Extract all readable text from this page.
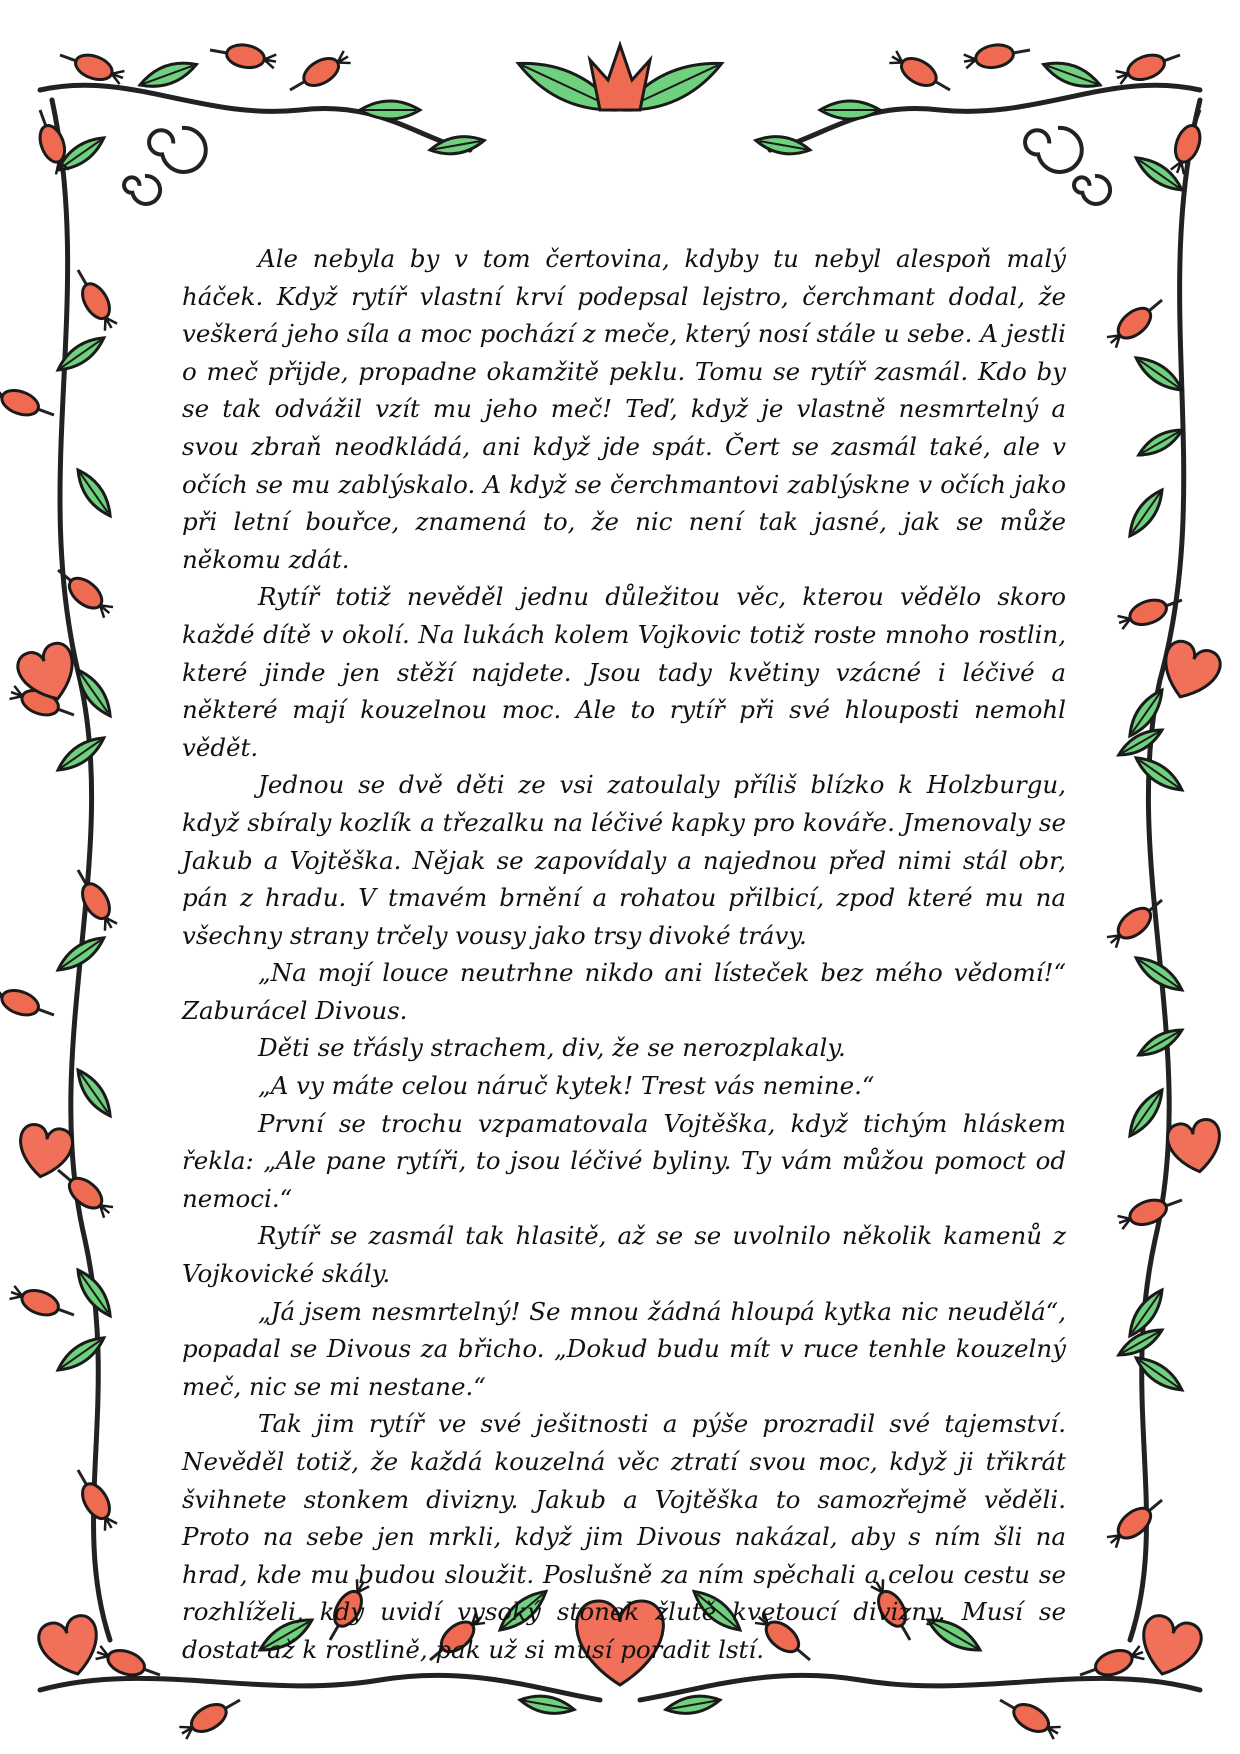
Ale nebyla by v tom čertovina, kdyby tu nebyl alespoň malý háček. Když rytíř vlastní krví podepsal lejstro, čerchmant dodal, že veškerá jeho síla a moc pochází z meče, který nosí stále u sebe. A jestli o meč přijde, propadne okamžitě peklu. Tomu se rytíř zasmál. Kdo by se tak odvážil vzít mu jeho meč! Teď, když je vlastně nesmrtelný a svou zbraň neodkládá, ani když jde spát. Čert se zasmál také, ale v očích se mu zablýskalo. A když se čerchmantovi zablýskne v očích jako při letní bouřce, znamená to, že nic není tak jasné, jak se může někomu zdát.

Rytíř totiž nevěděl jednu důležitou věc, kterou vědělo skoro každé dítě v okolí. Na lukách kolem Vojkovic totiž roste mnoho rostlin, které jinde jen stěží najdete. Jsou tady květiny vzácné i léčivé a některé mají kouzelnou moc. Ale to rytíř při své hlouposti nemohl vědět.

Jednou se dvě děti ze vsi zatoulaly příliš blízko k Holzburgu, když sbíraly kozlík a třezalku na léčivé kapky pro kováře. Jmenovaly se Jakub a Vojtěška. Nějak se zapovídaly a najednou před nimi stál obr, pán z hradu. V tmavém brnění a rohatou přilbicí, zpod které mu na všechny strany trčely vousy jako trsy divoké trávy.

„Na mojí louce neutrhne nikdo ani lísteček bez mého vědomí!“ Zaburácel Divous.

Děti se třásly strachem, div, že se nerozplakaly.

„A vy máte celou náruč kytek! Trest vás nemine.“

První se trochu vzpamatovala Vojtěška, když tichým hláskem řekla: „Ale pane rytíři, to jsou léčivé byliny. Ty vám můžou pomoct od nemoci.“

Rytíř se zasmál tak hlasitě, až se se uvolnilo několik kamenů z Vojkovické skály.

„Já jsem nesmrtelný! Se mnou žádná hloupá kytka nic neudělá“, popadal se Divous za břicho. „Dokud budu mít v ruce tenhle kouzelný meč, nic se mi nestane.“

Tak jim rytíř ve své ješitnosti a pýše prozradil své tajemství. Nevěděl totiž, že každá kouzelná věc ztratí svou moc, když ji třikrát švihnete stonkem divizny. Jakub a Vojtěška to samozřejmě věděli. Proto na sebe jen mrkli, když jim Divous nakázal, aby s ním šli na hrad, kde mu budou sloužit. Poslušně za ním spěchali a celou cestu se rozhlíželi, kdy uvidí vysoký stonek žlutě kvetoucí divizny. Musí se dostat až k rostlině, pak už si musí poradit lstí.
